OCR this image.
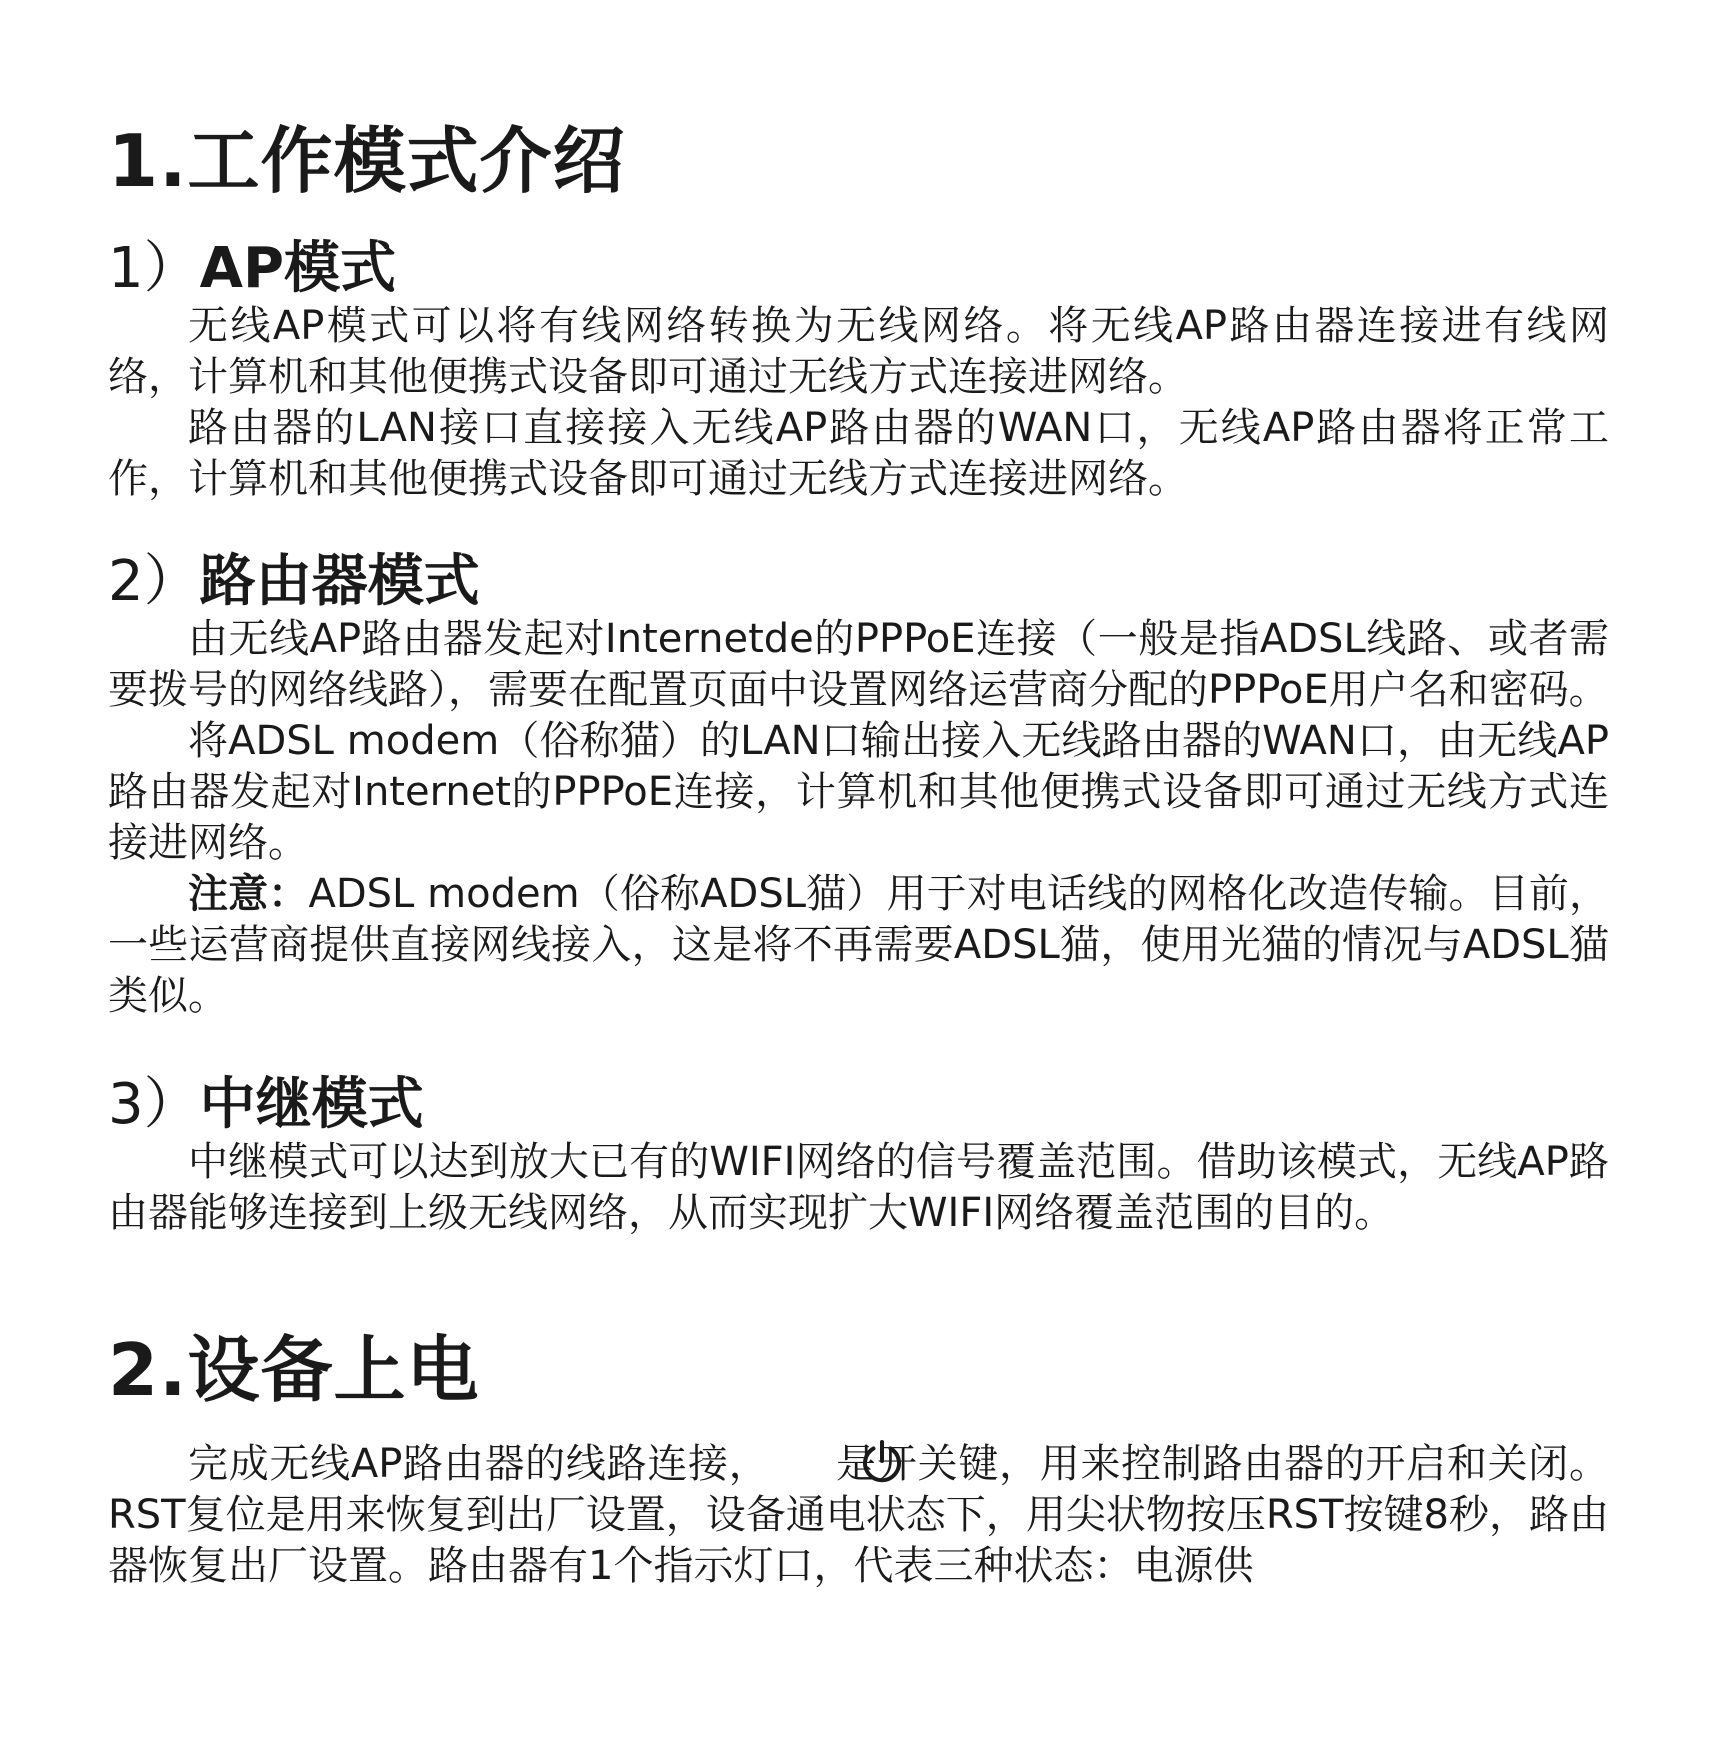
1.工作模式介绍
1）AP模式

无线AP模式可以将有线网络转换为无线网络。将无线AP路由器连接进有线网络，计算机和其他便携式设备即可通过无线方式连接进网络。

路由器的LAN接口直接接入无线AP路由器的WAN口，无线AP路由器将正常工作，计算机和其他便携式设备即可通过无线方式连接进网络。

2）路由器模式

由无线AP路由器发起对Internetde的PPPoE连接（一般是指ADSL线路、或者需要拨号的网络线路），需要在配置页面中设置网络运营商分配的PPPoE用户名和密码。

将ADSL modem（俗称猫）的LAN口输出接入无线路由器的WAN口，由无线AP路由器发起对Internet的PPPoE连接，计算机和其他便携式设备即可通过无线方式连接进网络。

注意：ADSL modem（俗称ADSL猫）用于对电话线的网格化改造传输。目前，一些运营商提供直接网线接入，这是将不再需要ADSL猫，使用光猫的情况与ADSL猫类似。

3）中继模式

中继模式可以达到放大已有的WIFI网络的信号覆盖范围。借助该模式，无线AP路由器能够连接到上级无线网络，从而实现扩大WIFI网络覆盖范围的目的。

2.设备上电

完成无线AP路由器的线路连接， 是开关键，用来控制路由器的开启和关闭。RST复位是用来恢复到出厂设置，设备通电状态下，用尖状物按压RST按键8秒，路由器恢复出厂设置。路由器有1个指示灯口，代表三种状态：电源供
